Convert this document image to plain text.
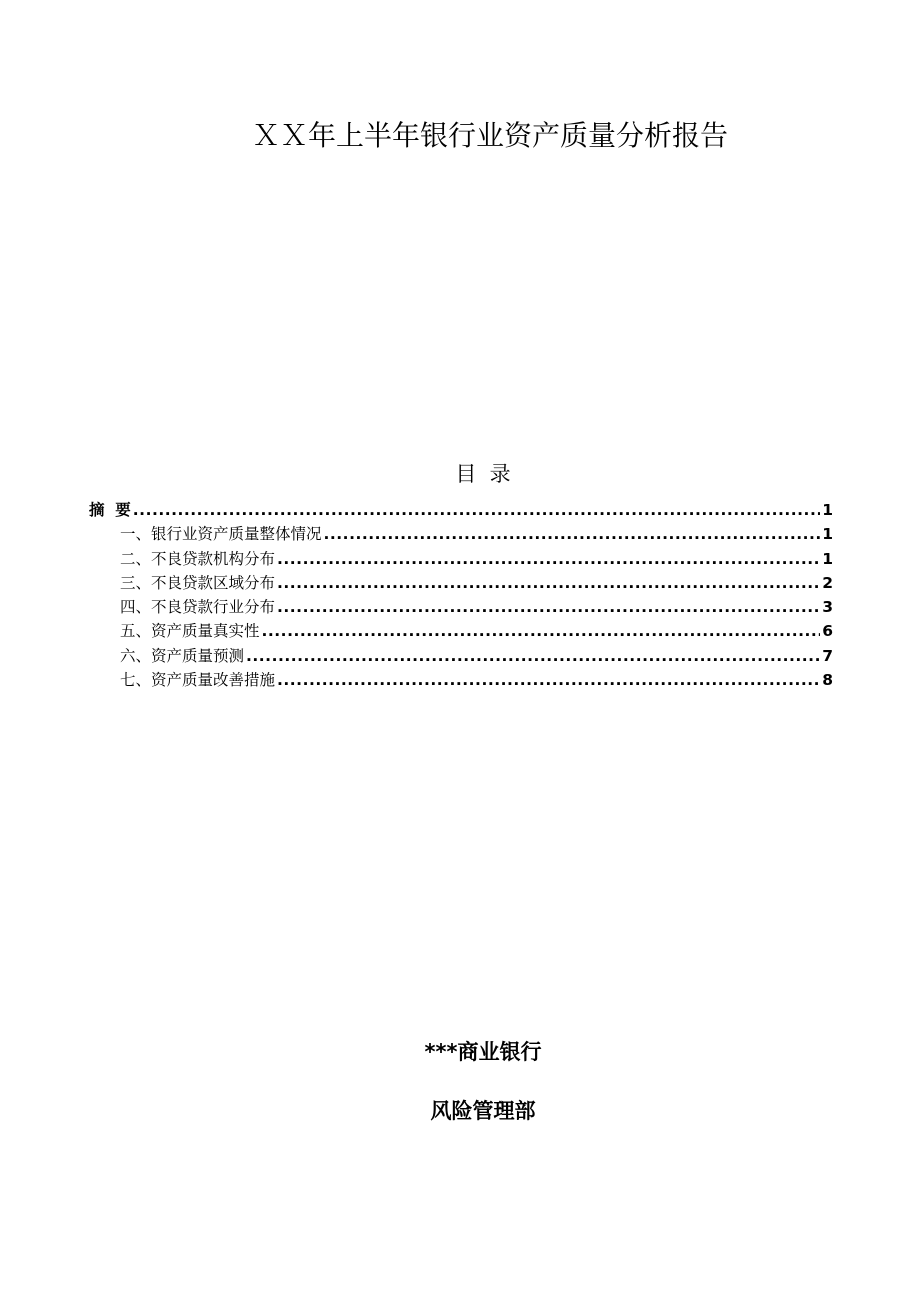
ＸＸ年上半年银行业资产质量分析报告
目  录
摘  要 .....	1
一、银行业资产质量整体情况 .....	1
二、不良贷款机构分布 .....	1
三、不良贷款区域分布 .....	2
四、不良贷款行业分布 .....	3
五、资产质量真实性 .....	6
六、资产质量预测 .....	7
七、资产质量改善措施 .....	8
***商业银行
风险管理部
